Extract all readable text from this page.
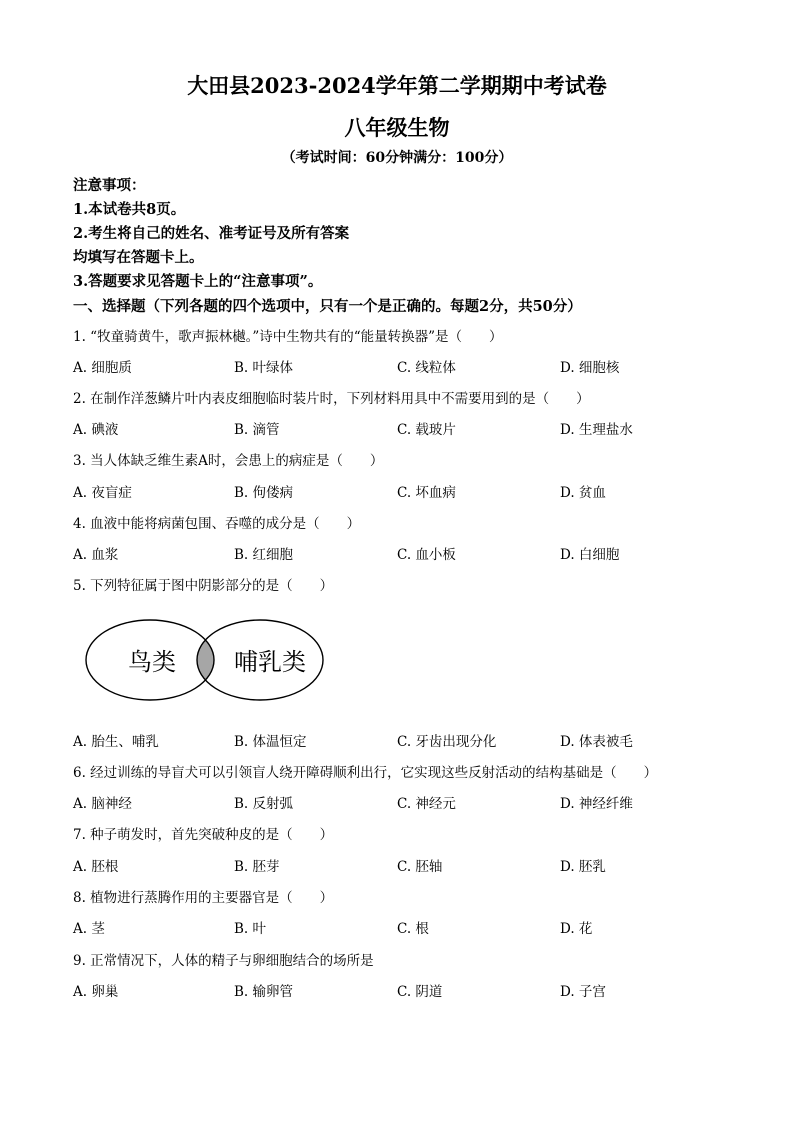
大田县2023-2024学年第二学期期中考试卷
八年级生物
（考试时间：60分钟满分：100分）
注意事项：
1.本试卷共8页。
2.考生将自己的姓名、准考证号及所有答案
均填写在答题卡上。
3.答题要求见答题卡上的“注意事项”。
一、选择题（下列各题的四个选项中，只有一个是正确的。每题2分，共50分）
1. “牧童骑黄牛，歌声振林樾。”诗中生物共有的“能量转换器”是（　　）
A. 细胞质	B. 叶绿体	C. 线粒体	D. 细胞核
2. 在制作洋葱鳞片叶内表皮细胞临时装片时，下列材料用具中不需要用到的是（　　）
A. 碘液	B. 滴管	C. 载玻片	D. 生理盐水
3. 当人体缺乏维生素A时，会患上的病症是（　　）
A. 夜盲症	B. 佝偻病	C. 坏血病	D. 贫血
4. 血液中能将病菌包围、吞噬的成分是（　　）
A. 血浆	B. 红细胞	C. 血小板	D. 白细胞
5. 下列特征属于图中阴影部分的是（　　）
鸟类 哺乳类
A. 胎生、哺乳	B. 体温恒定	C. 牙齿出现分化	D. 体表被毛
6. 经过训练的导盲犬可以引领盲人绕开障碍顺利出行，它实现这些反射活动的结构基础是（　　）
A. 脑神经	B. 反射弧	C. 神经元	D. 神经纤维
7. 种子萌发时，首先突破种皮的是（　　）
A. 胚根	B. 胚芽	C. 胚轴	D. 胚乳
8. 植物进行蒸腾作用的主要器官是（　　）
A. 茎	B. 叶	C. 根	D. 花
9. 正常情况下，人体的精子与卵细胞结合的场所是
A. 卵巢	B. 输卵管	C. 阴道	D. 子宫
